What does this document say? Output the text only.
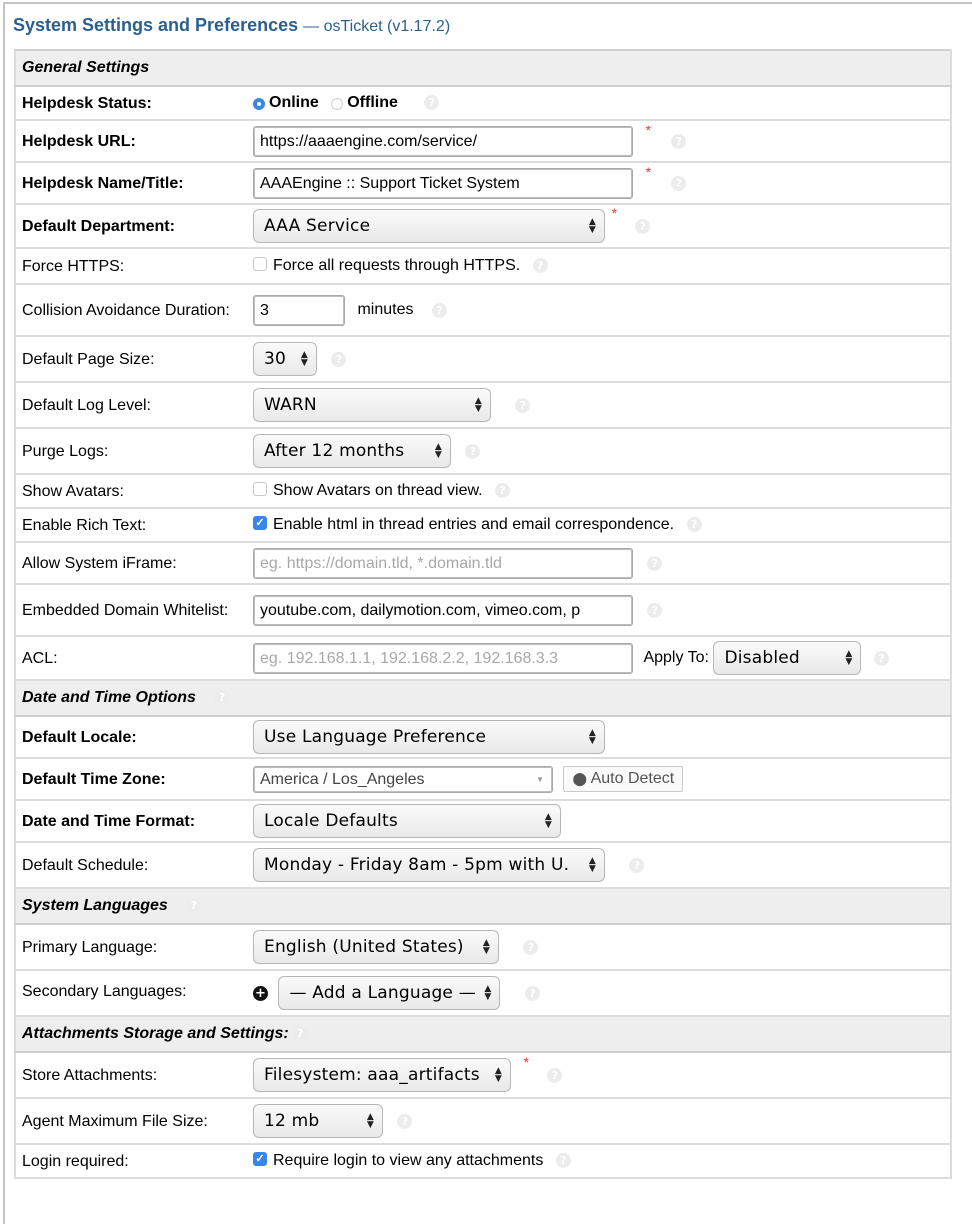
System Settings and Preferences — osTicket (v1.17.2)
General Settings	
Helpdesk Status:	Online Offline ?
Helpdesk URL:	https://aaaengine.com/service/ * ?
Helpdesk Name/Title:	AAAEngine :: Support Ticket System * ?
Default Department:	AAA Service ▲
▼
* ?
Force HTTPS:	Force all requests through HTTPS. ?
Collision Avoidance Duration:	3 minutes ?
Default Page Size:	30 ▲
▼ ?
Default Log Level:	WARN ▲
▼ ?
Purge Logs:	After 12 months ▲
▼ ?
Show Avatars:	Show Avatars on thread view. ?
Enable Rich Text:	✓ Enable html in thread entries and email correspondence. ?
Allow System iFrame:	eg. https://domain.tld, *.domain.tld ?
Embedded Domain Whitelist:	youtube.com, dailymotion.com, vimeo.com, p ?
ACL:	eg. 192.168.1.1, 192.168.2.2, 192.168.3.3 Apply To: Disabled ▲
▼ ?
Date and Time Options ?	
Default Locale:	Use Language Preference ▲
▼

Default Time Zone:	America / Los_Angeles ▼ ⬤ Auto Detect
Date and Time Format:	Locale Defaults ▲
▼

Default Schedule:	Monday - Friday 8am - 5pm with U. ▲
▼ ?
System Languages ?	
Primary Language:	English (United States) ▲
▼ ?
Secondary Languages:	+ — Add a Language — ▲
▼ ?
Attachments Storage and Settings: ?	
Store Attachments:	Filesystem: aaa_artifacts ▲
▼
* ?
Agent Maximum File Size:	12 mb ▲
▼ ?
Login required:	✓ Require login to view any attachments ?
